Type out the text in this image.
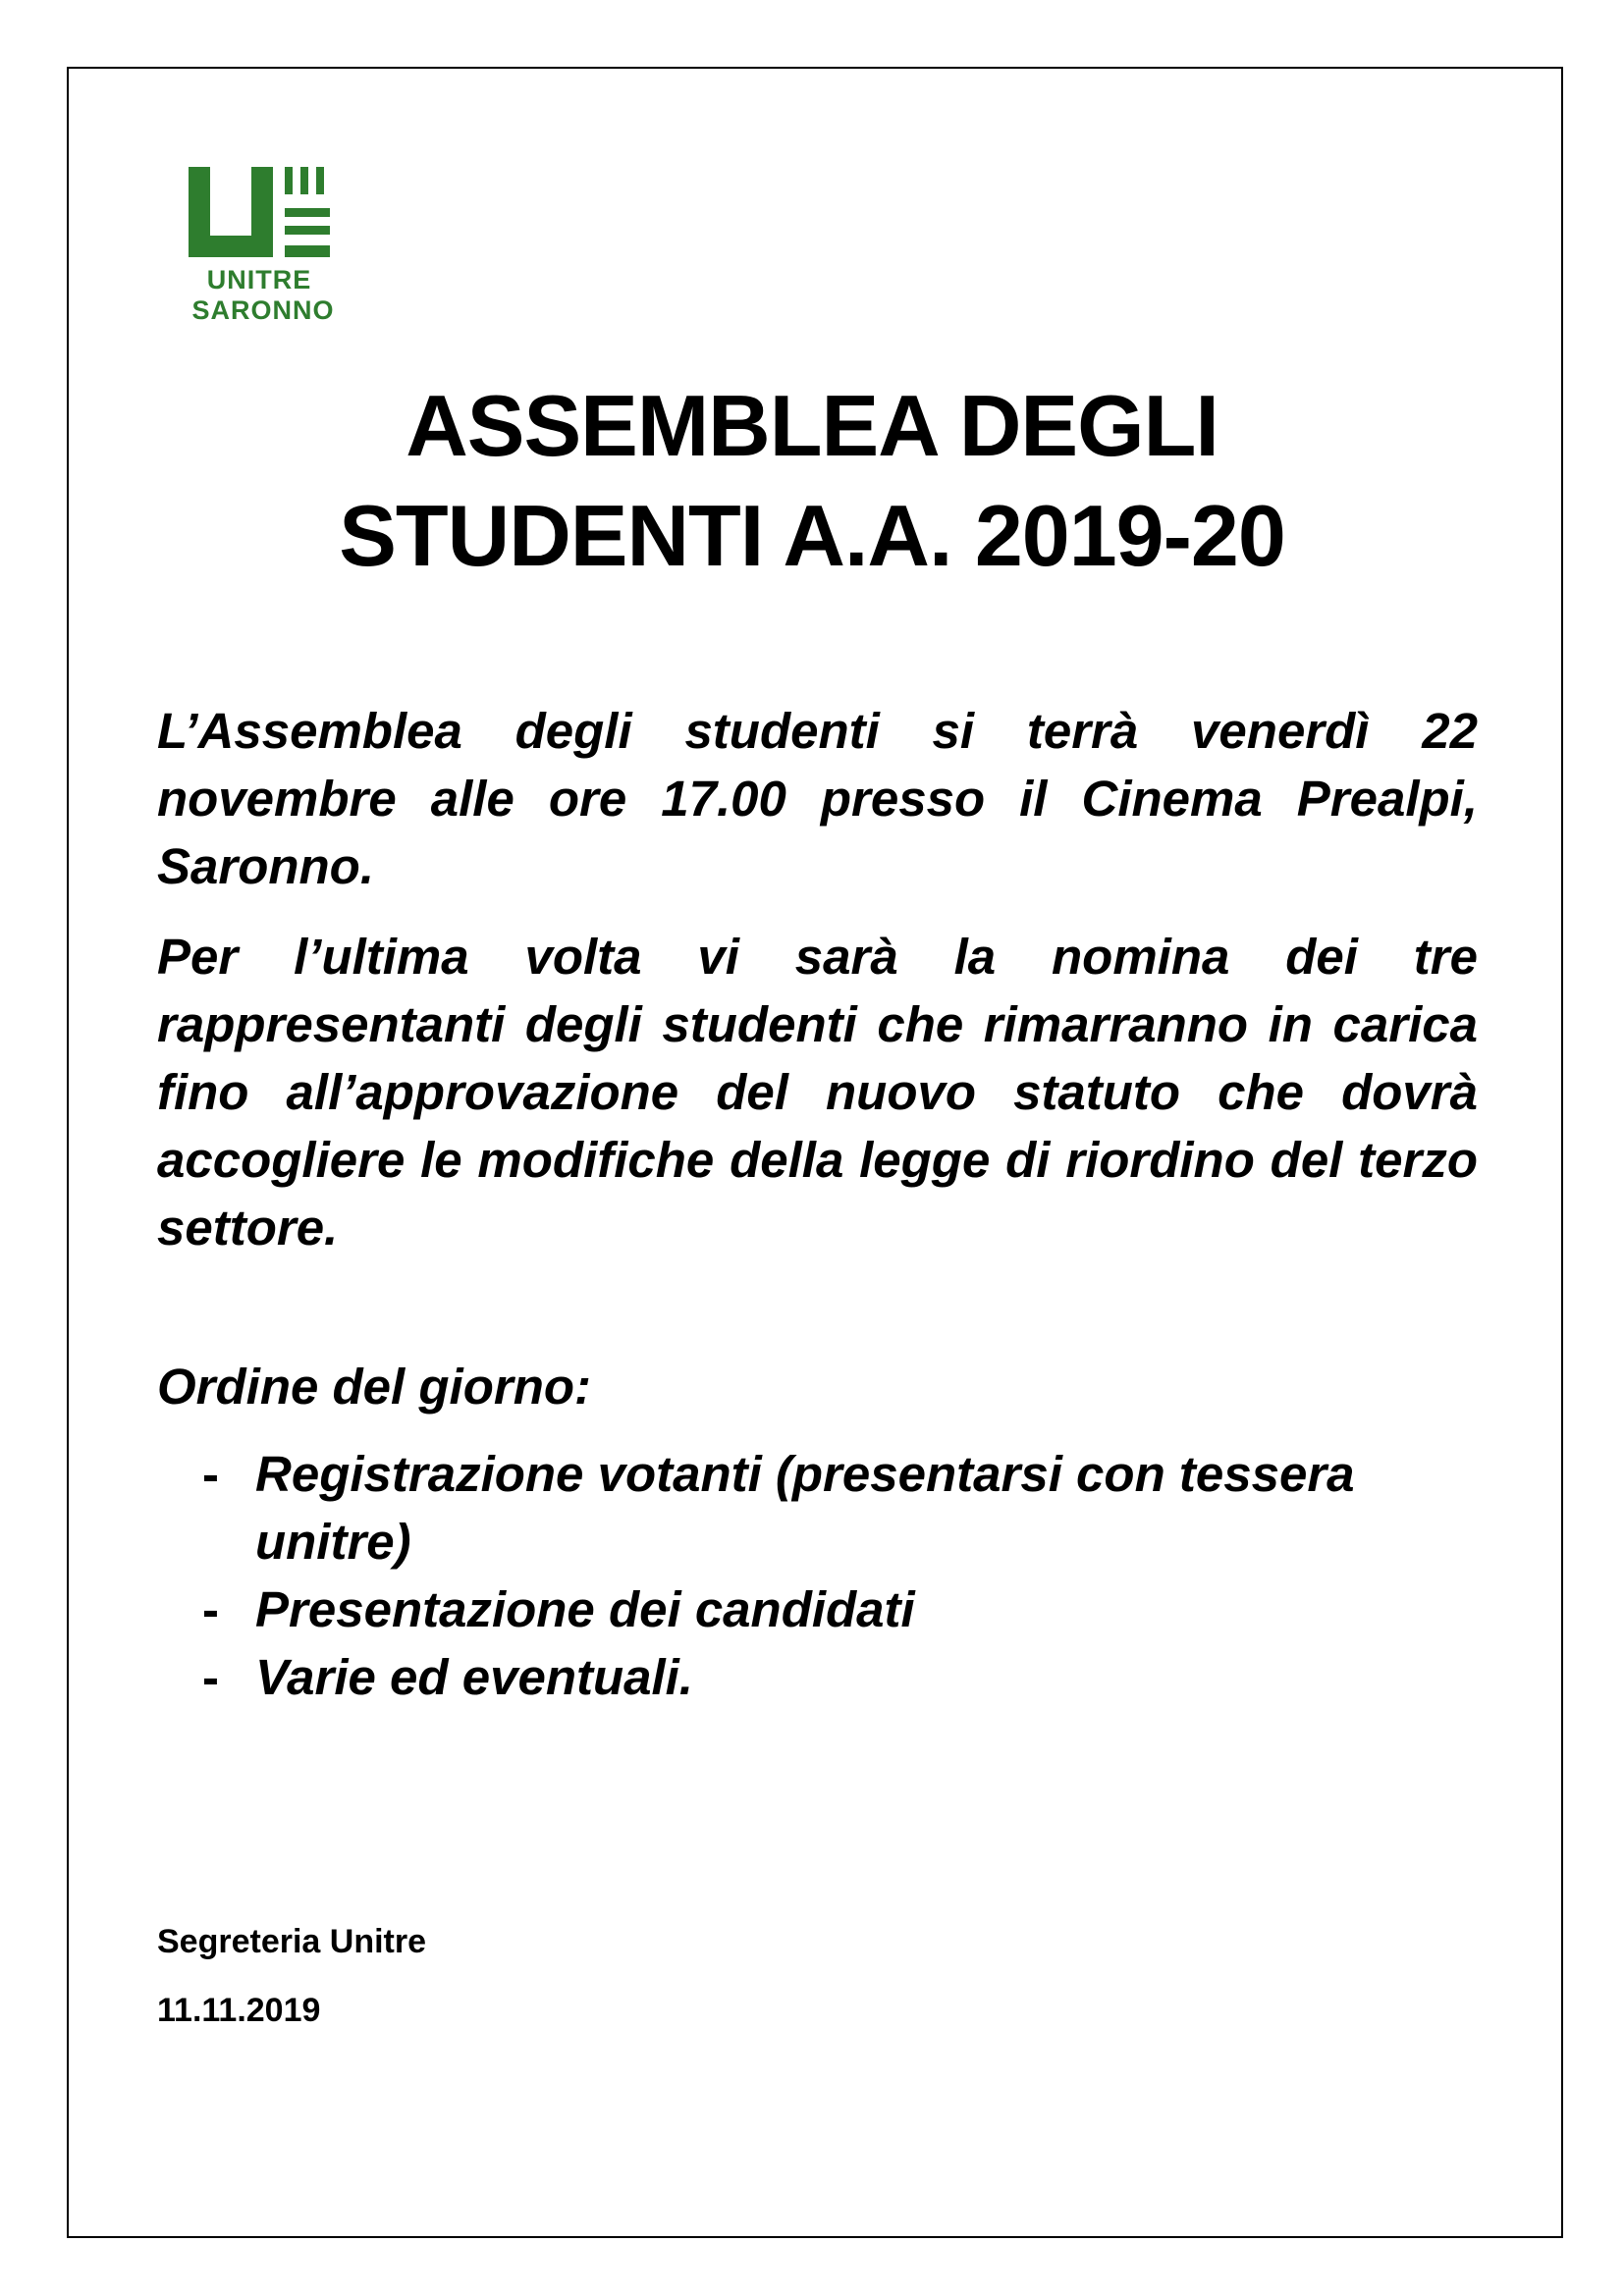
UNITRE
SARONNO
ASSEMBLEA DEGLI
STUDENTI A.A. 2019-20

L’Assemblea degli studenti si terrà venerdì 22 novembre alle ore 17.00 presso il Cinema Prealpi, Saronno.

Per l’ultima volta vi sarà la nomina dei tre rappresentanti degli studenti che rimarranno in carica fino all’approvazione del nuovo statuto che dovrà accogliere le modifiche della legge di riordino del terzo settore.

Ordine del giorno:

- Registrazione votanti (presentarsi con tessera unitre)
- Presentazione dei candidati
- Varie ed eventuali.

Segreteria Unitre

11.11.2019
